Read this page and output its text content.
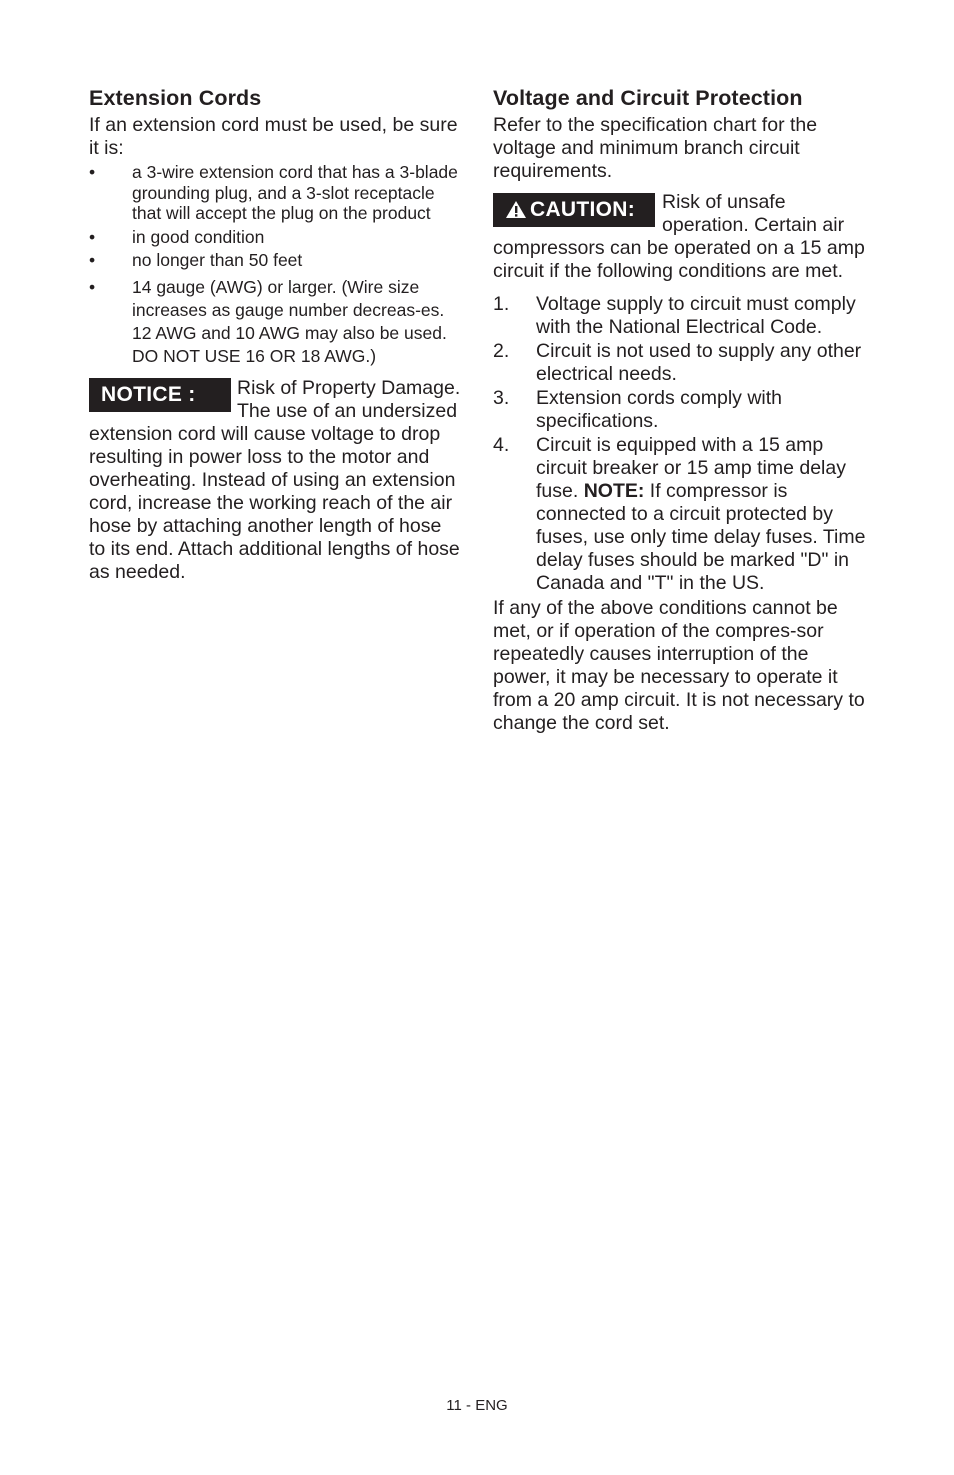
Extension Cords

If an extension cord must be used, be sure it is:

• a 3-wire extension cord that has a 3-blade grounding plug, and a 3-slot receptacle that will accept the plug on the product
• in good condition
• no longer than 50 feet
• 14 gauge (AWG) or larger. (Wire size increases as gauge number decreas-es. 12 AWG and 10 AWG may also be used. DO NOT USE 16 OR 18 AWG.)
NOTICE :	Risk of Property Damage. The use of an undersized extension cord will cause voltage to drop resulting in power loss to the motor and overheating. Instead of using an extension cord, increase the working reach of the air hose by attaching another length of hose to its end. Attach additional lengths of hose as needed.

Voltage and Circuit Protection

Refer to the specification chart for the voltage and minimum branch circuit requirements.

CAUTION:	Risk of unsafe operation. Certain air compressors can be operated on a 15 amp circuit if the following conditions are met.

1. Voltage supply to circuit must comply with the National Electrical Code.
2. Circuit is not used to supply any other electrical needs.
3. Extension cords comply with specifications.
4. Circuit is equipped with a 15 amp circuit breaker or 15 amp time delay fuse. NOTE: If compressor is connected to a circuit protected by fuses, use only time delay fuses. Time delay fuses should be marked "D" in Canada and "T" in the US.

If any of the above conditions cannot be met, or if operation of the compres-sor repeatedly causes interruption of the power, it may be necessary to operate it from a 20 amp circuit. It is not necessary to change the cord set.

11 - ENG
